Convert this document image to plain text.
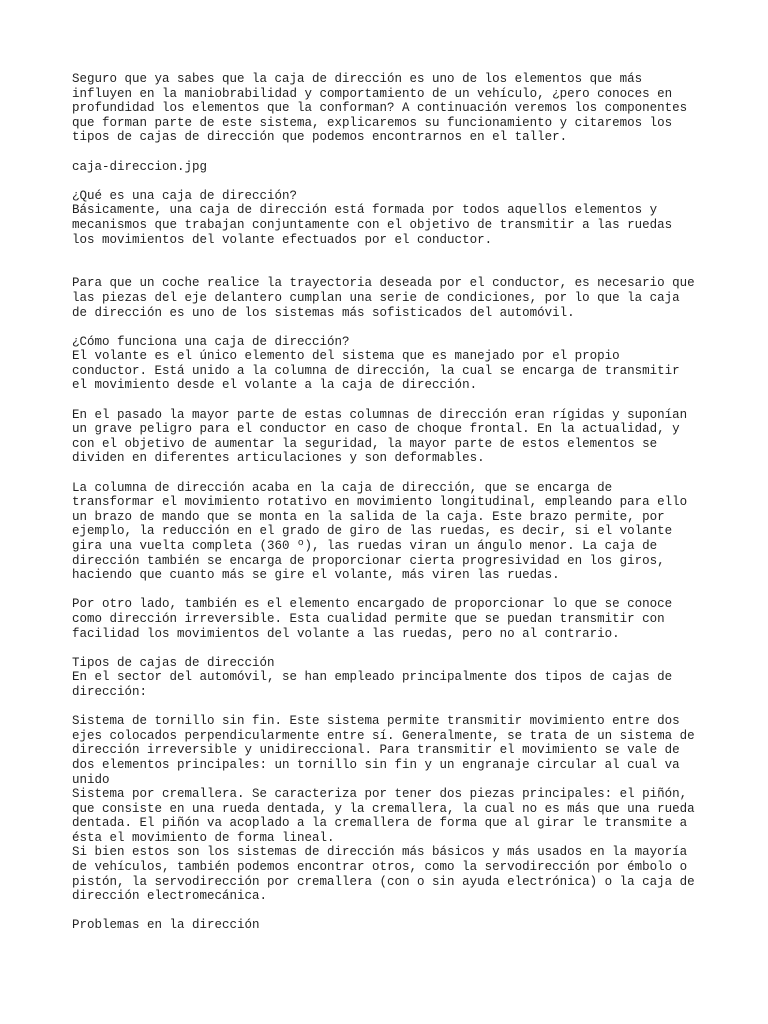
Seguro que ya sabes que la caja de dirección es uno de los elementos que más
influyen en la maniobrabilidad y comportamiento de un vehículo, ¿pero conoces en
profundidad los elementos que la conforman? A continuación veremos los componentes
que forman parte de este sistema, explicaremos su funcionamiento y citaremos los
tipos de cajas de dirección que podemos encontrarnos en el taller.

caja-direccion.jpg

¿Qué es una caja de dirección?
Básicamente, una caja de dirección está formada por todos aquellos elementos y
mecanismos que trabajan conjuntamente con el objetivo de transmitir a las ruedas
los movimientos del volante efectuados por el conductor.

Para que un coche realice la trayectoria deseada por el conductor, es necesario que
las piezas del eje delantero cumplan una serie de condiciones, por lo que la caja
de dirección es uno de los sistemas más sofisticados del automóvil.

¿Cómo funciona una caja de dirección?
El volante es el único elemento del sistema que es manejado por el propio
conductor. Está unido a la columna de dirección, la cual se encarga de transmitir
el movimiento desde el volante a la caja de dirección.

En el pasado la mayor parte de estas columnas de dirección eran rígidas y suponían
un grave peligro para el conductor en caso de choque frontal. En la actualidad, y
con el objetivo de aumentar la seguridad, la mayor parte de estos elementos se
dividen en diferentes articulaciones y son deformables.

La columna de dirección acaba en la caja de dirección, que se encarga de
transformar el movimiento rotativo en movimiento longitudinal, empleando para ello
un brazo de mando que se monta en la salida de la caja. Este brazo permite, por
ejemplo, la reducción en el grado de giro de las ruedas, es decir, si el volante
gira una vuelta completa (360 º), las ruedas viran un ángulo menor. La caja de
dirección también se encarga de proporcionar cierta progresividad en los giros,
haciendo que cuanto más se gire el volante, más viren las ruedas.

Por otro lado, también es el elemento encargado de proporcionar lo que se conoce
como dirección irreversible. Esta cualidad permite que se puedan transmitir con
facilidad los movimientos del volante a las ruedas, pero no al contrario.

Tipos de cajas de dirección
En el sector del automóvil, se han empleado principalmente dos tipos de cajas de
dirección:

Sistema de tornillo sin fin. Este sistema permite transmitir movimiento entre dos
ejes colocados perpendicularmente entre sí. Generalmente, se trata de un sistema de
dirección irreversible y unidireccional. Para transmitir el movimiento se vale de
dos elementos principales: un tornillo sin fin y un engranaje circular al cual va
unido
Sistema por cremallera. Se caracteriza por tener dos piezas principales: el piñón,
que consiste en una rueda dentada, y la cremallera, la cual no es más que una rueda
dentada. El piñón va acoplado a la cremallera de forma que al girar le transmite a
ésta el movimiento de forma lineal.
Si bien estos son los sistemas de dirección más básicos y más usados en la mayoría
de vehículos, también podemos encontrar otros, como la servodirección por émbolo o
pistón, la servodirección por cremallera (con o sin ayuda electrónica) o la caja de
dirección electromecánica.

Problemas en la dirección
